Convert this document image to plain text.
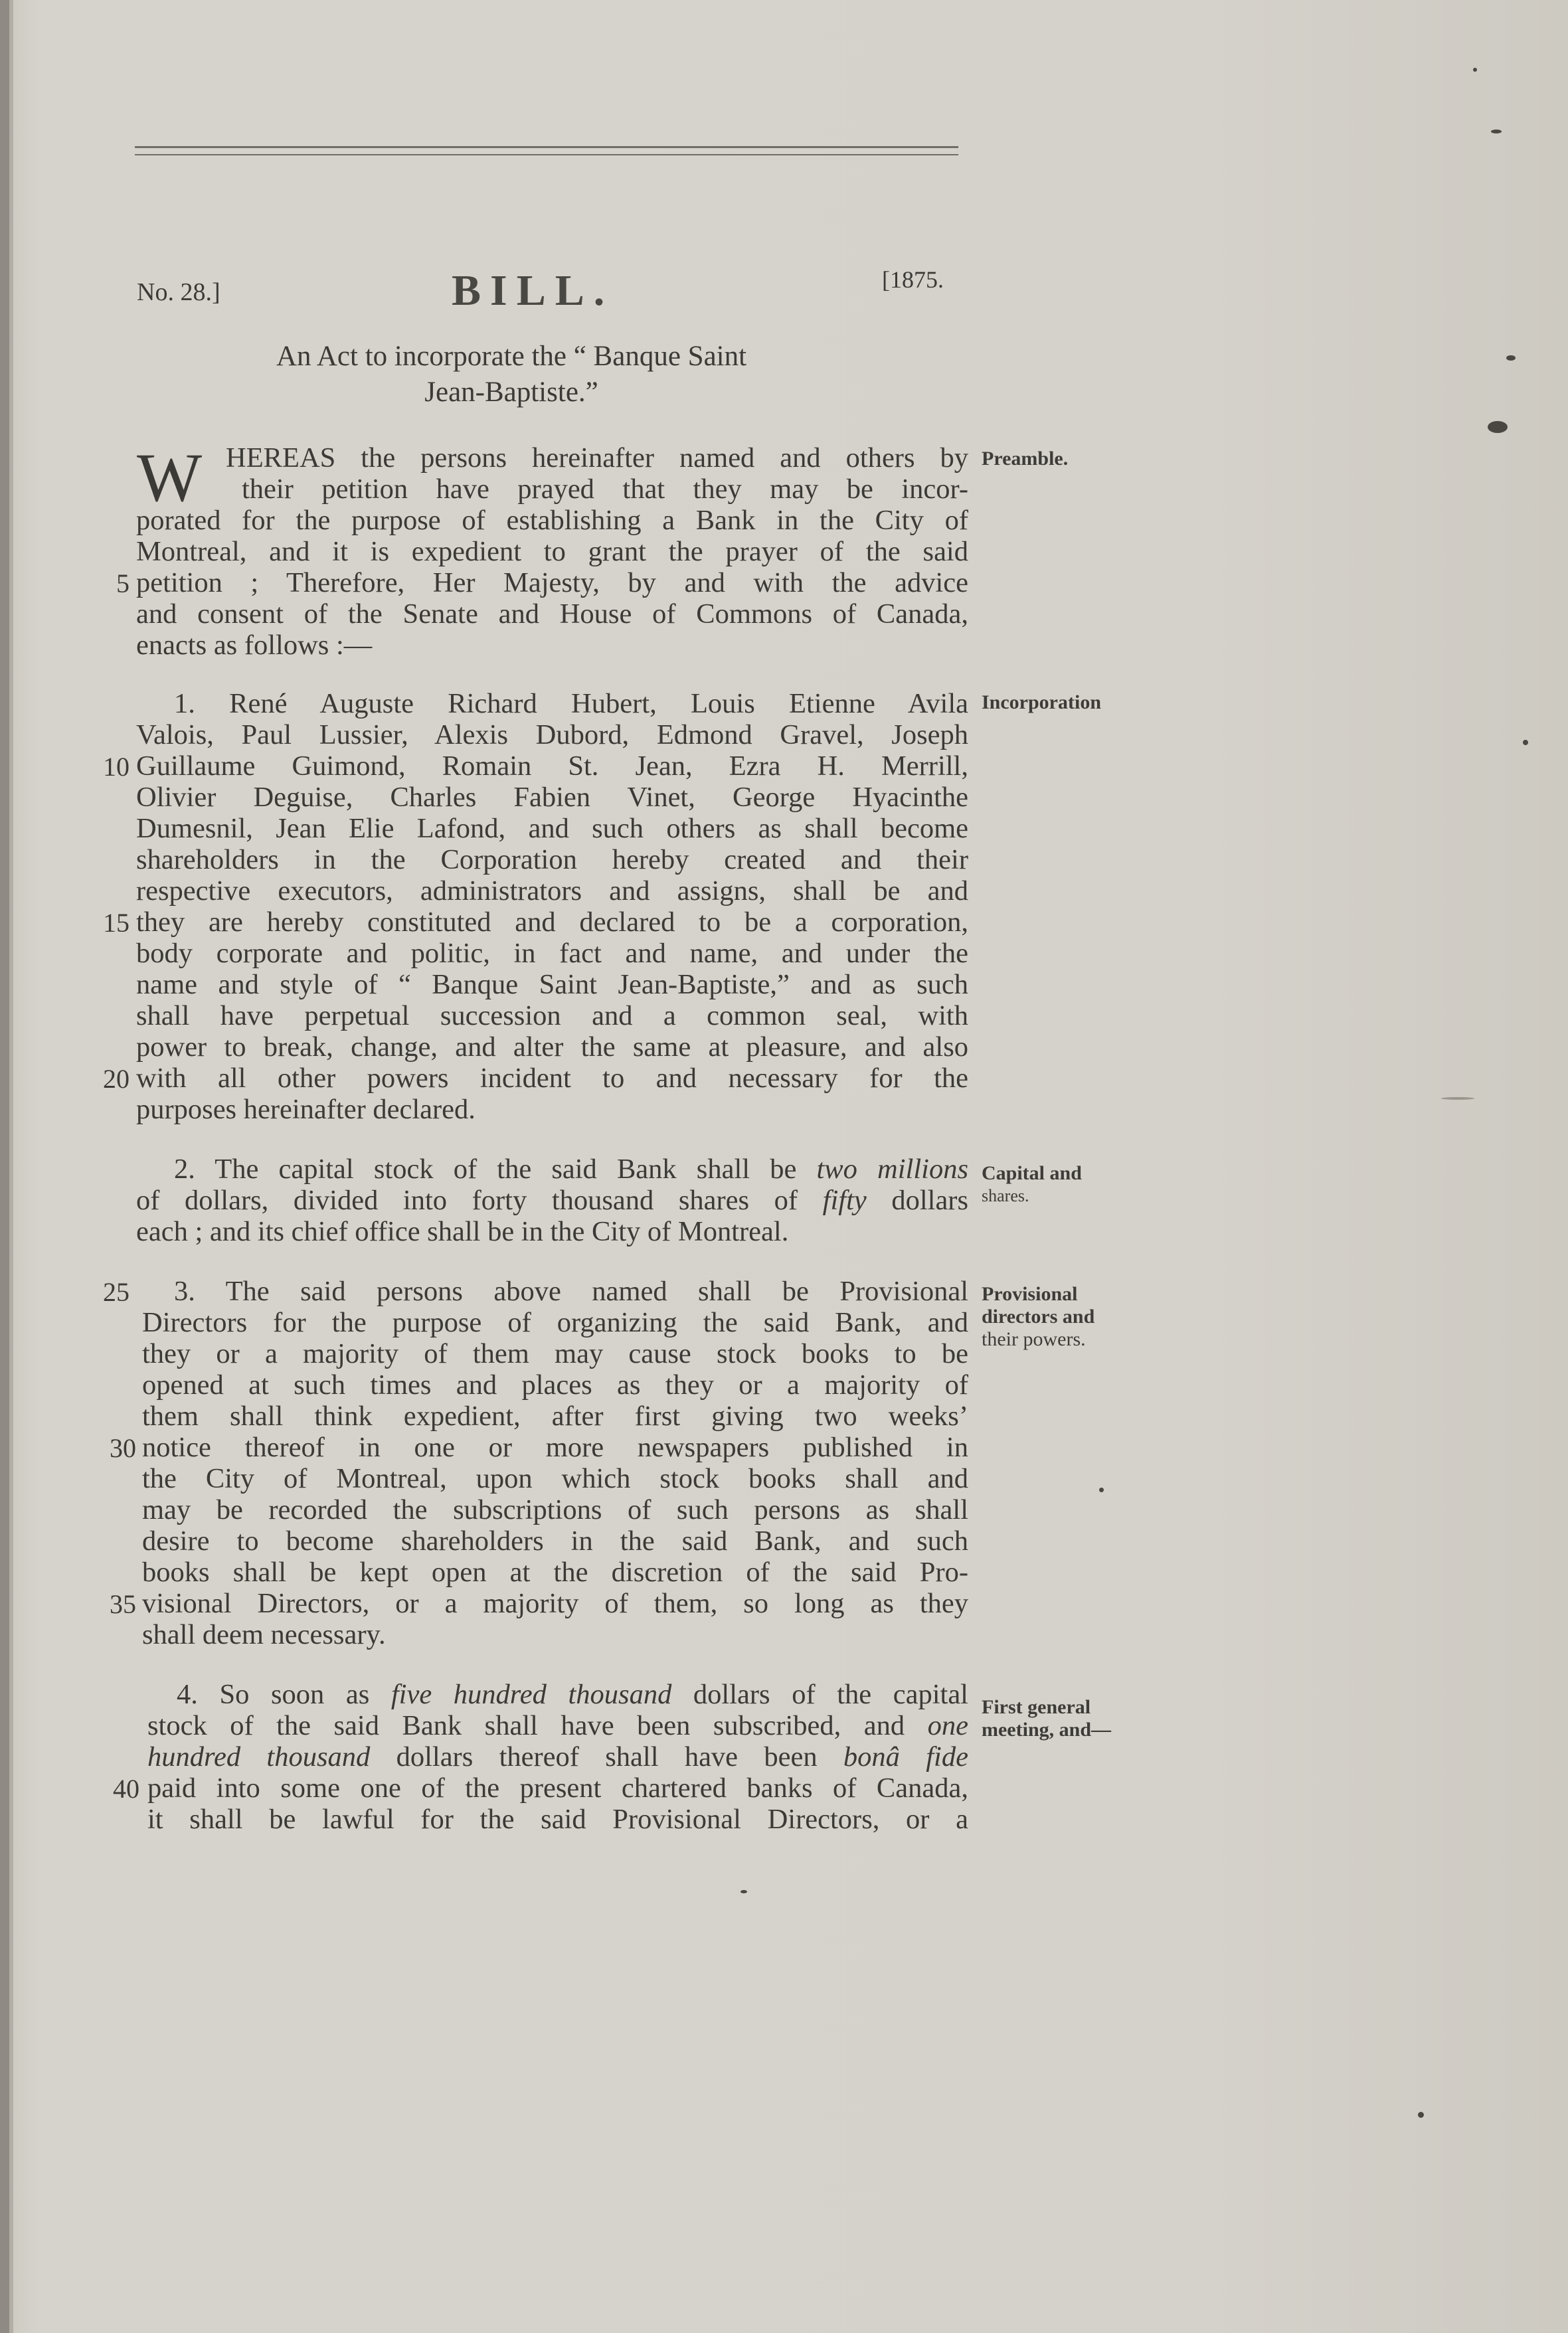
No. 28.]	BILL.	[1875.
An Act to incorporate the “ Banque Saint
Jean-Baptiste.”
W HEREAS the persons hereinafter named and others by
their petition have prayed that they may be incor-
porated for the purpose of establishing a Bank in the City of
Montreal, and it is expedient to grant the prayer of the said
petition ; Therefore, Her Majesty, by and with the advice
and consent of the Senate and House of Commons of Canada,
enacts as follows :—
1. René Auguste Richard Hubert, Louis Etienne Avila
Valois, Paul Lussier, Alexis Dubord, Edmond Gravel, Joseph
Guillaume Guimond, Romain St. Jean, Ezra H. Merrill,
Olivier Deguise, Charles Fabien Vinet, George Hyacinthe
Dumesnil, Jean Elie Lafond, and such others as shall become
shareholders in the Corporation hereby created and their
respective executors, administrators and assigns, shall be and
they are hereby constituted and declared to be a corporation,
body corporate and politic, in fact and name, and under the
name and style of “ Banque Saint Jean-Baptiste,” and as such
shall have perpetual succession and a common seal, with
power to break, change, and alter the same at pleasure, and also
with all other powers incident to and necessary for the
purposes hereinafter declared.
2. The capital stock of the said Bank shall be two millions
of dollars, divided into forty thousand shares of fifty dollars
each ; and its chief office shall be in the City of Montreal.
3. The said persons above named shall be Provisional
Directors for the purpose of organizing the said Bank, and
they or a majority of them may cause stock books to be
opened at such times and places as they or a majority of
them shall think expedient, after first giving two weeks’
notice thereof in one or more newspapers published in
the City of Montreal, upon which stock books shall and
may be recorded the subscriptions of such persons as shall
desire to become shareholders in the said Bank, and such
books shall be kept open at the discretion of the said Pro-
visional Directors, or a majority of them, so long as they
shall deem necessary.
4. So soon as five hundred thousand dollars of the capital
stock of the said Bank shall have been subscribed, and one
hundred thousand dollars thereof shall have been bonâ fide
paid into some one of the present chartered banks of Canada,
it shall be lawful for the said Provisional Directors, or a
5
10
15
20
25
30
35
40
Preamble.
Incorporation
Capital and
shares.
Provisional
directors and
their powers.
First general
meeting, and—
